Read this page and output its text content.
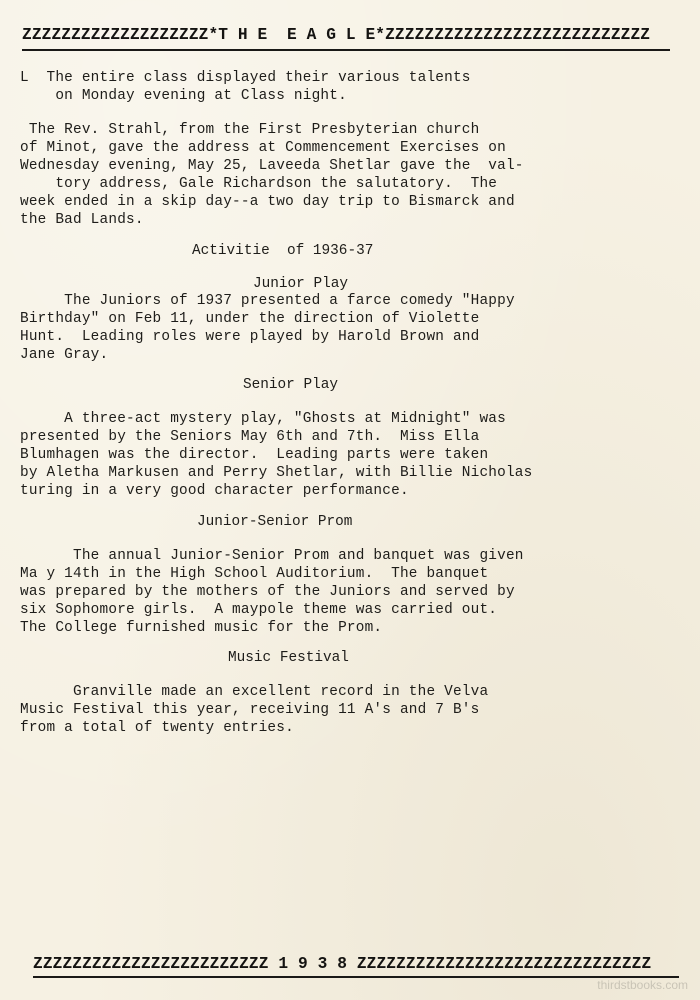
ZZZZZZZZZZZZZZZZZZZ*T H E  E A G L E*ZZZZZZZZZZZZZZZZZZZZZZZZZZZ
L  The entire class displayed their various talents
on Monday evening at Class night.
The Rev. Strahl, from the First Presbyterian church
of Minot, gave the address at Commencement Exercises on
Wednesday evening, May 25, Laveeda Shetlar gave the  val-
tory address, Gale Richardson the salutatory.  The
week ended in a skip day--a two day trip to Bismarck and
the Bad Lands.
Activitie  of 1936-37
Junior Play
The Juniors of 1937 presented a farce comedy "Happy
Birthday" on Feb 11, under the direction of Violette
Hunt.  Leading roles were played by Harold Brown and
Jane Gray.
Senior Play
A three-act mystery play, "Ghosts at Midnight" was
presented by the Seniors May 6th and 7th.  Miss Ella
Blumhagen was the director.  Leading parts were taken
by Aletha Markusen and Perry Shetlar, with Billie Nicholas
turing in a very good character performance.
Junior-Senior Prom
The annual Junior-Senior Prom and banquet was given
Ma y 14th in the High School Auditorium.  The banquet
was prepared by the mothers of the Juniors and served by
six Sophomore girls.  A maypole theme was carried out.
The College furnished music for the Prom.
Music Festival
Granville made an excellent record in the Velva
Music Festival this year, receiving 11 A's and 7 B's
from a total of twenty entries.
ZZZZZZZZZZZZZZZZZZZZZZZZ 1 9 3 8 ZZZZZZZZZZZZZZZZZZZZZZZZZZZZZZ
thirdstbooks.com
